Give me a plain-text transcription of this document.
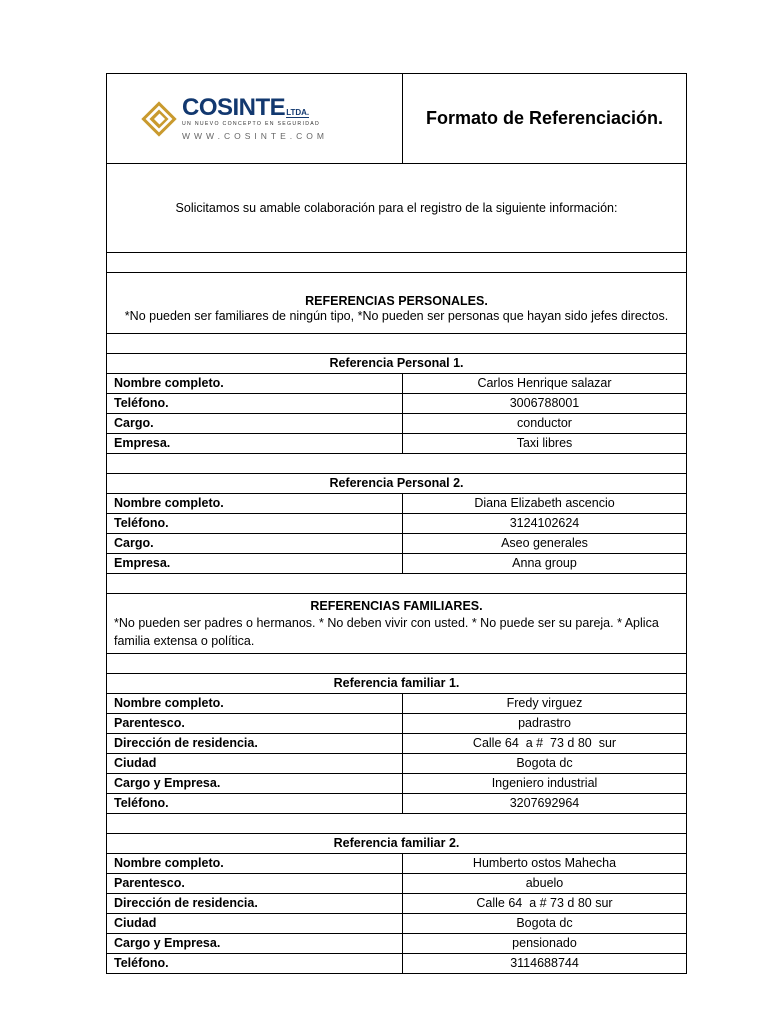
COSINTE LTDA.
UN NUEVO CONCEPTO EN SEGURIDAD
WWW.COSINTE.COM	Formato de Referenciación.
Solicitamos su amable colaboración para el registro de la siguiente información:	

REFERENCIAS PERSONALES.
*No pueden ser familiares de ningún tipo, *No pueden ser personas que hayan sido jefes directos.	

Referencia Personal 1.	
Nombre completo.	Carlos Henrique salazar
Teléfono.	3006788001
Cargo.	conductor
Empresa.	Taxi libres

Referencia Personal 2.	
Nombre completo.	Diana Elizabeth ascencio
Teléfono.	3124102624
Cargo.	Aseo generales
Empresa.	Anna group

REFERENCIAS FAMILIARES.
*No pueden ser padres o hermanos. * No deben vivir con usted. * No puede ser su pareja. * Aplica familia extensa o política.	

Referencia familiar 1.	
Nombre completo.	Fredy virguez
Parentesco.	padrastro
Dirección de residencia.	Calle 64  a #  73 d 80  sur
Ciudad	Bogota dc
Cargo y Empresa.	Ingeniero industrial
Teléfono.	3207692964

Referencia familiar 2.	
Nombre completo.	Humberto ostos Mahecha
Parentesco.	abuelo
Dirección de residencia.	Calle 64  a # 73 d 80 sur
Ciudad	Bogota dc
Cargo y Empresa.	pensionado
Teléfono.	3114688744
